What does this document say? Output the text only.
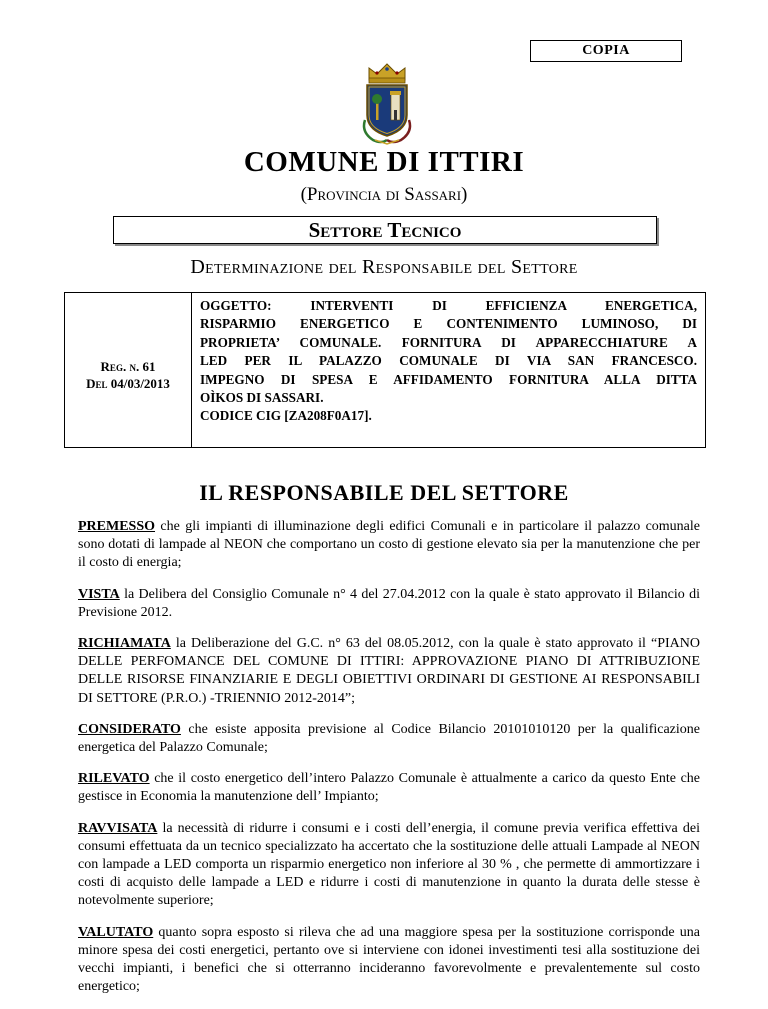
COPIA
COMUNE DI ITTIRI
(Provincia di Sassari)
Settore Tecnico
Determinazione del Responsabile del Settore
Reg. n. 61
Del 04/03/2013
OGGETTO: INTERVENTI DI EFFICIENZA ENERGETICA,
RISPARMIO ENERGETICO E CONTENIMENTO LUMINOSO, DI
PROPRIETA’ COMUNALE. FORNITURA DI APPARECCHIATURE A
LED PER IL PALAZZO COMUNALE DI VIA SAN FRANCESCO.
IMPEGNO DI SPESA E AFFIDAMENTO FORNITURA ALLA DITTA
OÌKOS DI SASSARI.
CODICE CIG [ZA208F0A17].
IL RESPONSABILE DEL SETTORE

PREMESSO che gli impianti di illuminazione degli edifici Comunali e in particolare il palazzo comunale sono dotati di lampade al NEON che comportano un costo di gestione elevato sia per la manutenzione che per il costo di energia;

VISTA la Delibera del Consiglio Comunale n° 4 del 27.04.2012 con la quale è stato approvato il Bilancio di Previsione 2012.

RICHIAMATA la Deliberazione del G.C. n° 63 del 08.05.2012, con la quale è stato approvato il “PIANO DELLE PERFOMANCE DEL COMUNE DI ITTIRI: APPROVAZIONE PIANO DI ATTRIBUZIONE DELLE RISORSE FINANZIARIE E DEGLI OBIETTIVI ORDINARI DI GESTIONE AI RESPONSABILI DI SETTORE (P.R.O.) -TRIENNIO 2012-2014”;

CONSIDERATO che esiste apposita previsione al Codice Bilancio 20101010120 per la qualificazione energetica del Palazzo Comunale;

RILEVATO che il costo energetico dell’intero Palazzo Comunale è attualmente a carico da questo Ente che gestisce in Economia la manutenzione dell’ Impianto;

RAVVISATA la necessità di ridurre i consumi e i costi dell’energia, il comune previa verifica effettiva dei consumi effettuata da un tecnico specializzato ha accertato che la sostituzione delle attuali Lampade al NEON con lampade a LED comporta un risparmio energetico non inferiore al 30 % , che permette di ammortizzare i costi di acquisto delle lampade a LED e ridurre i costi di manutenzione in quanto la durata delle stesse è notevolmente superiore;

VALUTATO quanto sopra esposto si rileva che ad una maggiore spesa per la sostituzione corrisponde una minore spesa dei costi energetici, pertanto ove si interviene con idonei investimenti tesi alla sostituzione dei vecchi impianti, i benefici che si otterranno incideranno favorevolmente e prevalentemente sul costo energetico;
